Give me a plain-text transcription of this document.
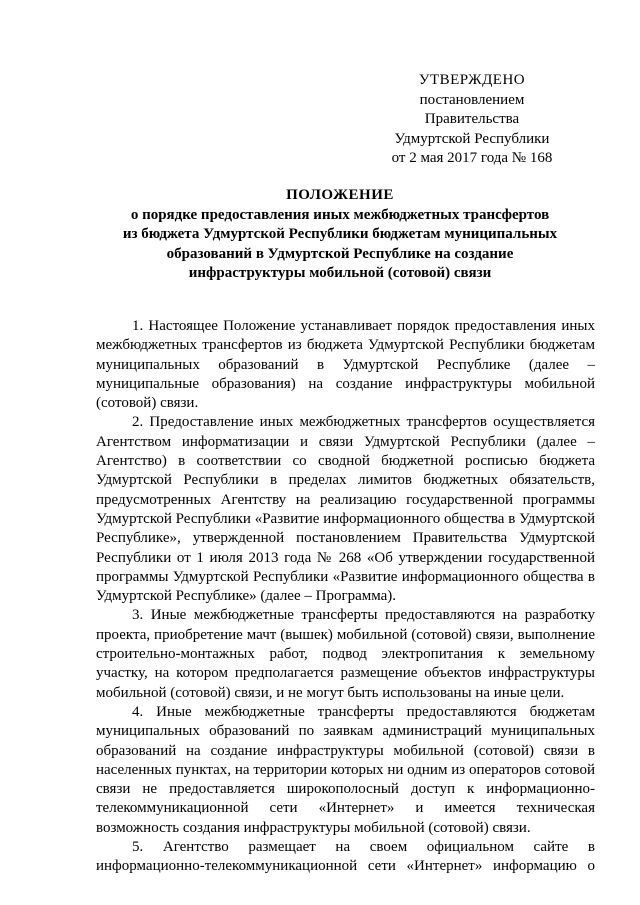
УТВЕРЖДЕНО
постановлением Правительства
Удмуртской Республики
от 2 мая 2017 года № 168
ПОЛОЖЕНИЕ
о порядке предоставления иных межбюджетных трансфертов
из бюджета Удмуртской Республики бюджетам муниципальных
образований в Удмуртской Республике на создание
инфраструктуры мобильной (сотовой) связи

1. Настоящее Положение устанавливает порядок предоставления иных межбюджетных трансфертов из бюджета Удмуртской Республики бюджетам муниципальных образований в Удмуртской Республике (далее – муниципальные образования) на создание инфраструктуры мобильной (сотовой) связи.

2. Предоставление иных межбюджетных трансфертов осуществляется Агентством информатизации и связи Удмуртской Республики (далее – Агентство) в соответствии со сводной бюджетной росписью бюджета Удмуртской Республики в пределах лимитов бюджетных обязательств, предусмотренных Агентству на реализацию государственной программы Удмуртской Республики «Развитие информационного общества в Удмуртской Республике», утвержденной постановлением Правительства Удмуртской Республики от 1 июля 2013 года № 268 «Об утверждении государственной программы Удмуртской Республики «Развитие информационного общества в Удмуртской Республике» (далее – Программа).

3. Иные межбюджетные трансферты предоставляются на разработку проекта, приобретение мачт (вышек) мобильной (сотовой) связи, выполнение строительно-монтажных работ, подвод электропитания к земельному участку, на котором предполагается размещение объектов инфраструктуры мобильной (сотовой) связи, и не могут быть использованы на иные цели.

4. Иные межбюджетные трансферты предоставляются бюджетам муниципальных образований по заявкам администраций муниципальных образований на создание инфраструктуры мобильной (сотовой) связи в населенных пунктах, на территории которых ни одним из операторов сотовой связи не предоставляется широкополосный доступ к информационно-телекоммуникационной сети «Интернет» и имеется техническая возможность создания инфраструктуры мобильной (сотовой) связи.

5. Агентство размещает на своем официальном сайте в информационно-телекоммуникационной сети «Интернет» информацию о
